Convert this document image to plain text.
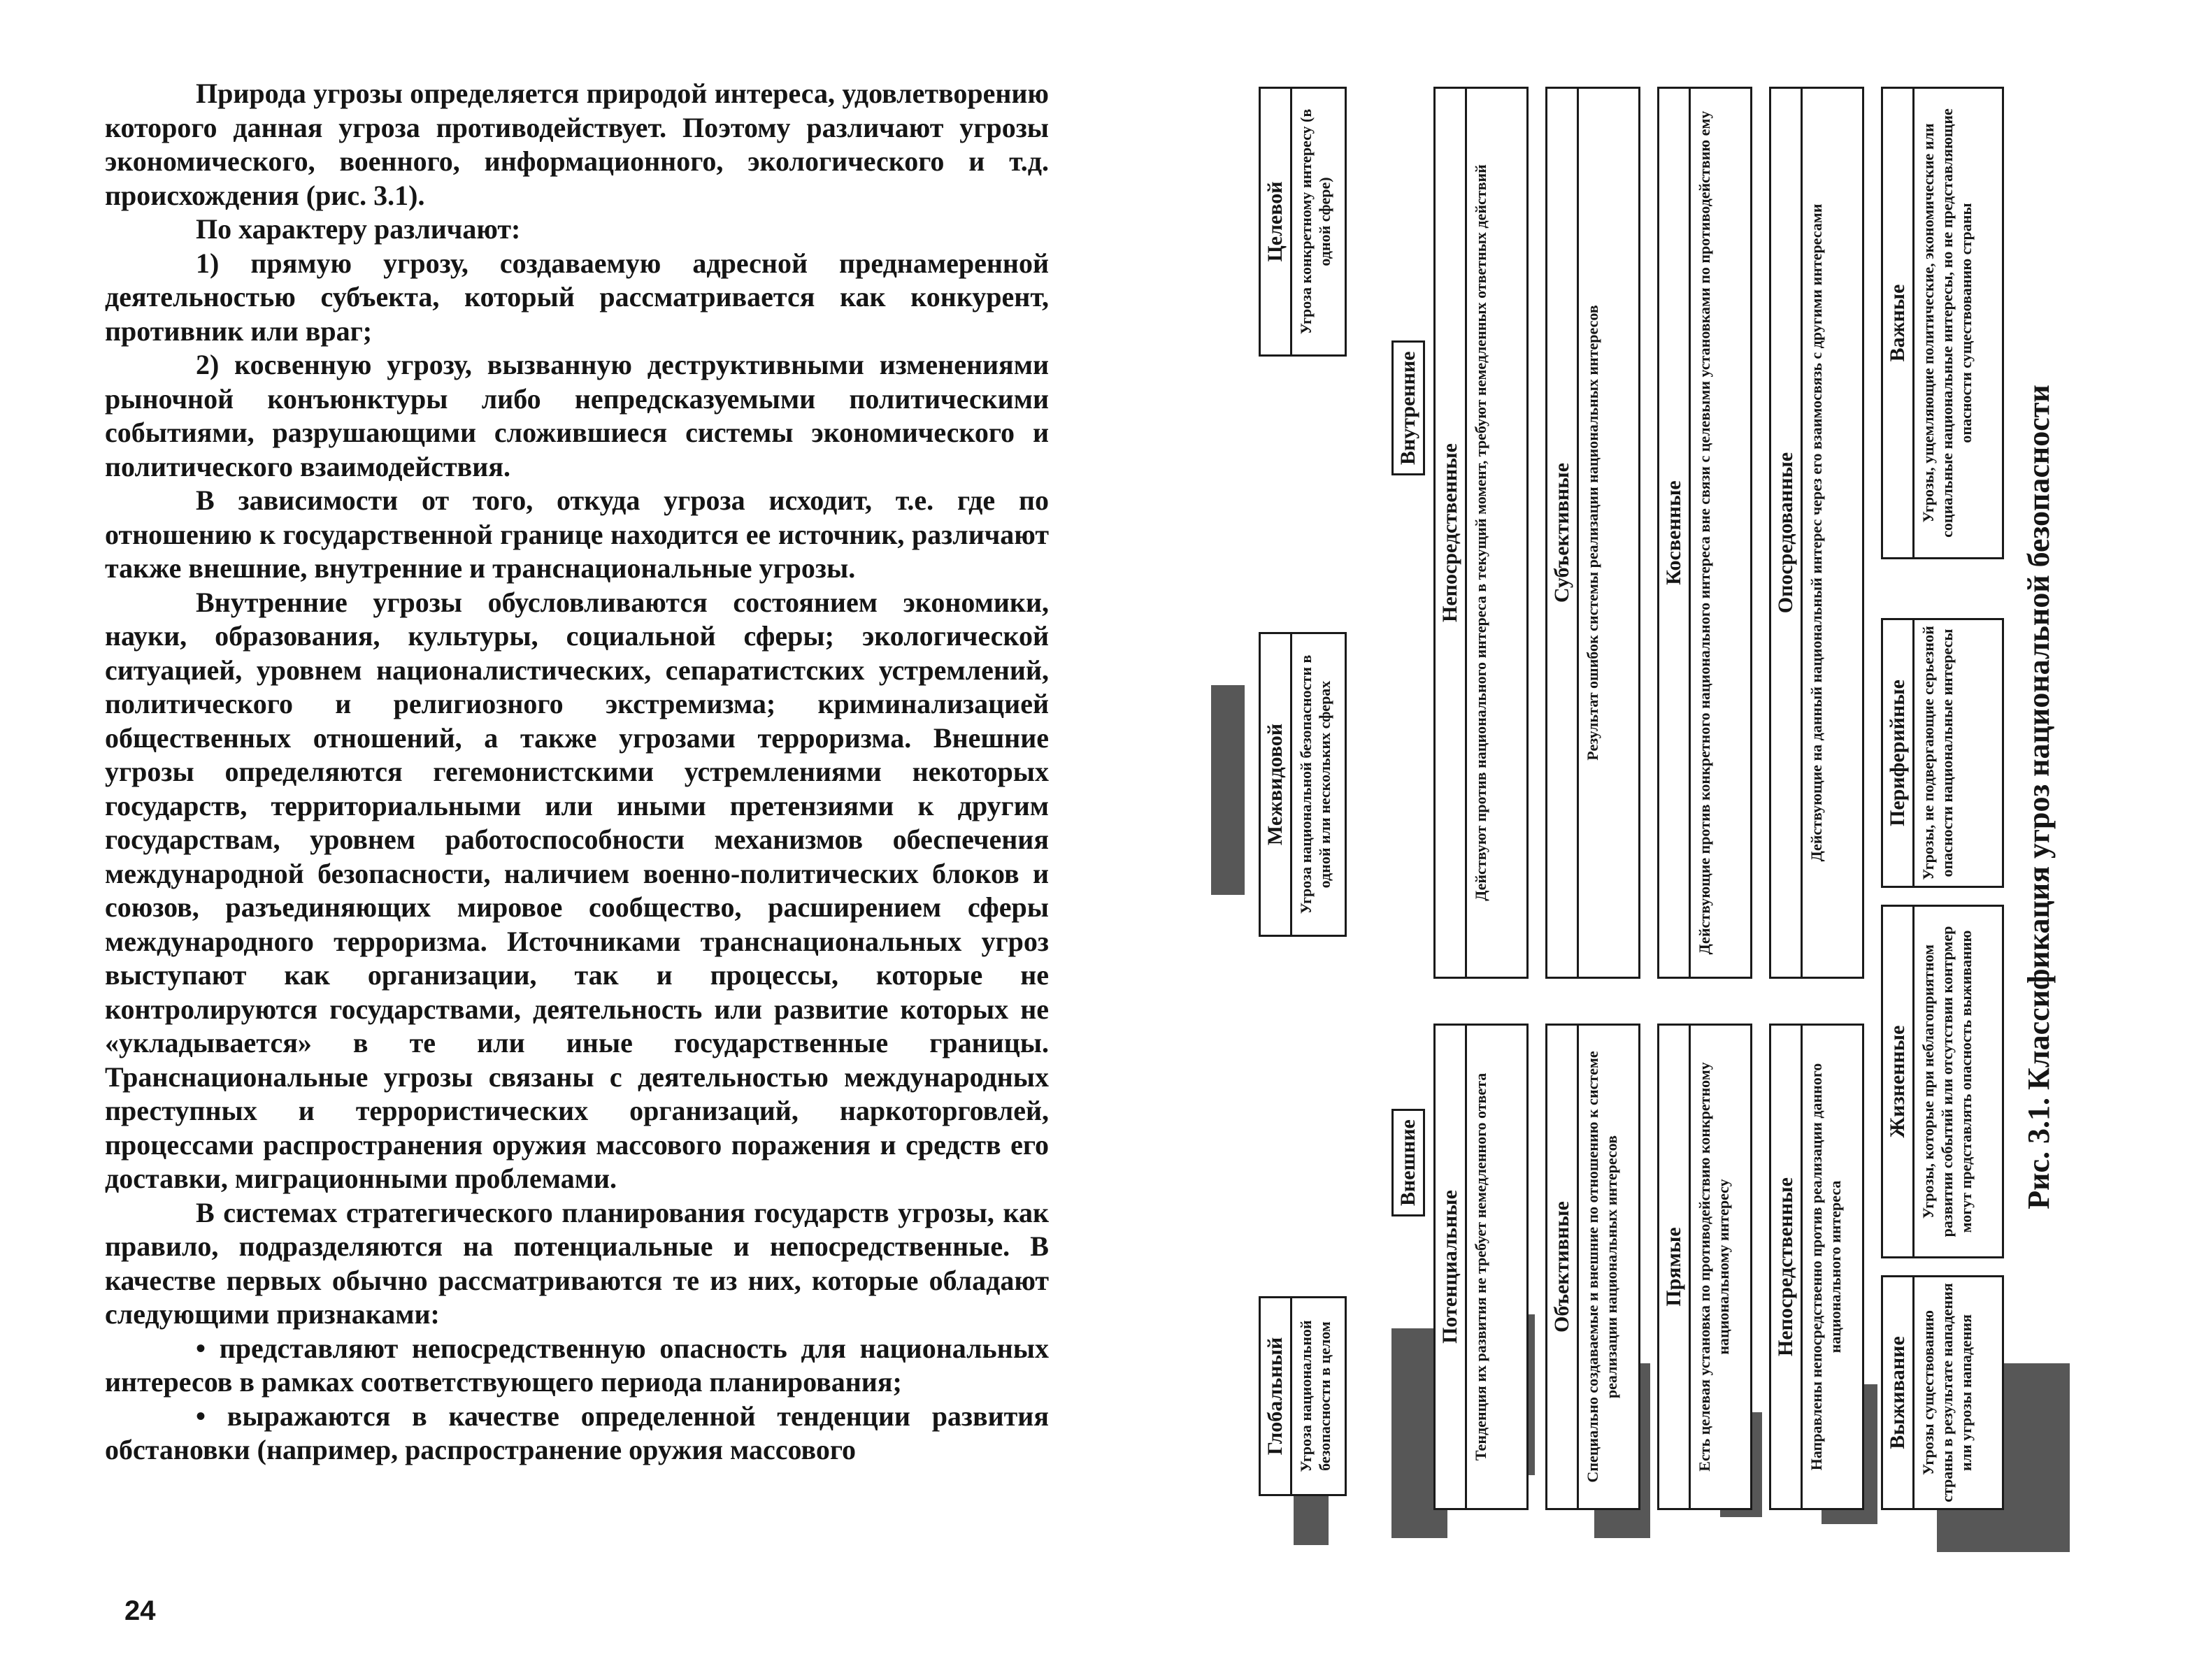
Природа угрозы определяется природой интереса, удовлетворению которого данная угроза противодействует. Поэтому различают угрозы экономического, военного, информационного, экологического и т.д. происхождения (рис. 3.1).

По характеру различают:

1) прямую угрозу, создаваемую адресной преднамеренной деятельностью субъекта, который рассматривается как конкурент, противник или враг;

2) косвенную угрозу, вызванную деструктивными изменениями рыночной конъюнктуры либо непредсказуемыми политическими событиями, разрушающими сложившиеся системы экономического и политического взаимодействия.

В зависимости от того, откуда угроза исходит, т.е. где по отношению к государственной границе находится ее источник, различают также внешние, внутренние и транснациональные угрозы.

Внутренние угрозы обусловливаются состоянием экономики, науки, образования, культуры, социальной сферы; экологической ситуацией, уровнем националистических, сепаратистских устремлений, политического и религиозного экстремизма; криминализацией общественных отношений, а также угрозами терроризма. Внешние угрозы определяются гегемонистскими устремлениями некоторых государств, территориальными или иными претензиями к другим государствам, уровнем работоспособности механизмов обеспечения международной безопасности, наличием военно-политических блоков и союзов, разъединяющих мировое сообщество, расширением сферы международного терроризма. Источниками транснациональных угроз выступают как организации, так и процессы, которые не контролируются государствами, деятельность или развитие которых не «укладывается» в те или иные государственные границы. Транснациональные угрозы связаны с деятельностью международных преступных и террористических организаций, наркоторговлей, процессами распространения оружия массового поражения и средств его доставки, миграционными проблемами.

В системах стратегического планирования государств угрозы, как правило, подразделяются на потенциальные и непосредственные. В качестве первых обычно рассматриваются те из них, которые обладают следующими признаками:

• представляют непосредственную опасность для национальных интересов в рамках соответствующего периода планирования;

• выражаются в качестве определенной тенденции развития обстановки (например, распространение оружия массового

24
Глобальный Угроза национальной безопасности в целом
Межвидовой Угроза национальной безопасности в одной или нескольких сферах
Целевой Угроза конкретному интересу (в одной сфере)
Внешние
Внутренние
Потенциальные Тенденция их развития не требует немедленного ответа
Непосредственные Действуют против национального интереса в текущий момент, требуют немедленных ответных действий
Объективные Специально создаваемые и внешние по отношению к системе реализации национальных интересов
Субъективные Результат ошибок системы реализации национальных интересов
Прямые Есть целевая установка по противодействию конкретному национальному интересу
Косвенные Действующие против конкретного национального интереса вне связи с целевыми установками по противодействию ему
Непосредственные Направлены непосредственно против реализации данного национального интереса
Опосредованные Действующие на данный национальный интерес через его взаимосвязь с другими интересами
Выживание Угрозы существованию страны в результате нападения или угрозы нападения
Жизненные Угрозы, которые при неблагоприятном развитии событий или отсутствии контрмер могут представлять опасность выживанию
Периферийные Угрозы, не подвергающие серьезной опасности национальные интересы
Важные Угрозы, ущемляющие политические, экономические или социальные национальные интересы, но не представляющие опасности существованию страны
Рис. 3.1. Классификация угроз национальной безопасности
